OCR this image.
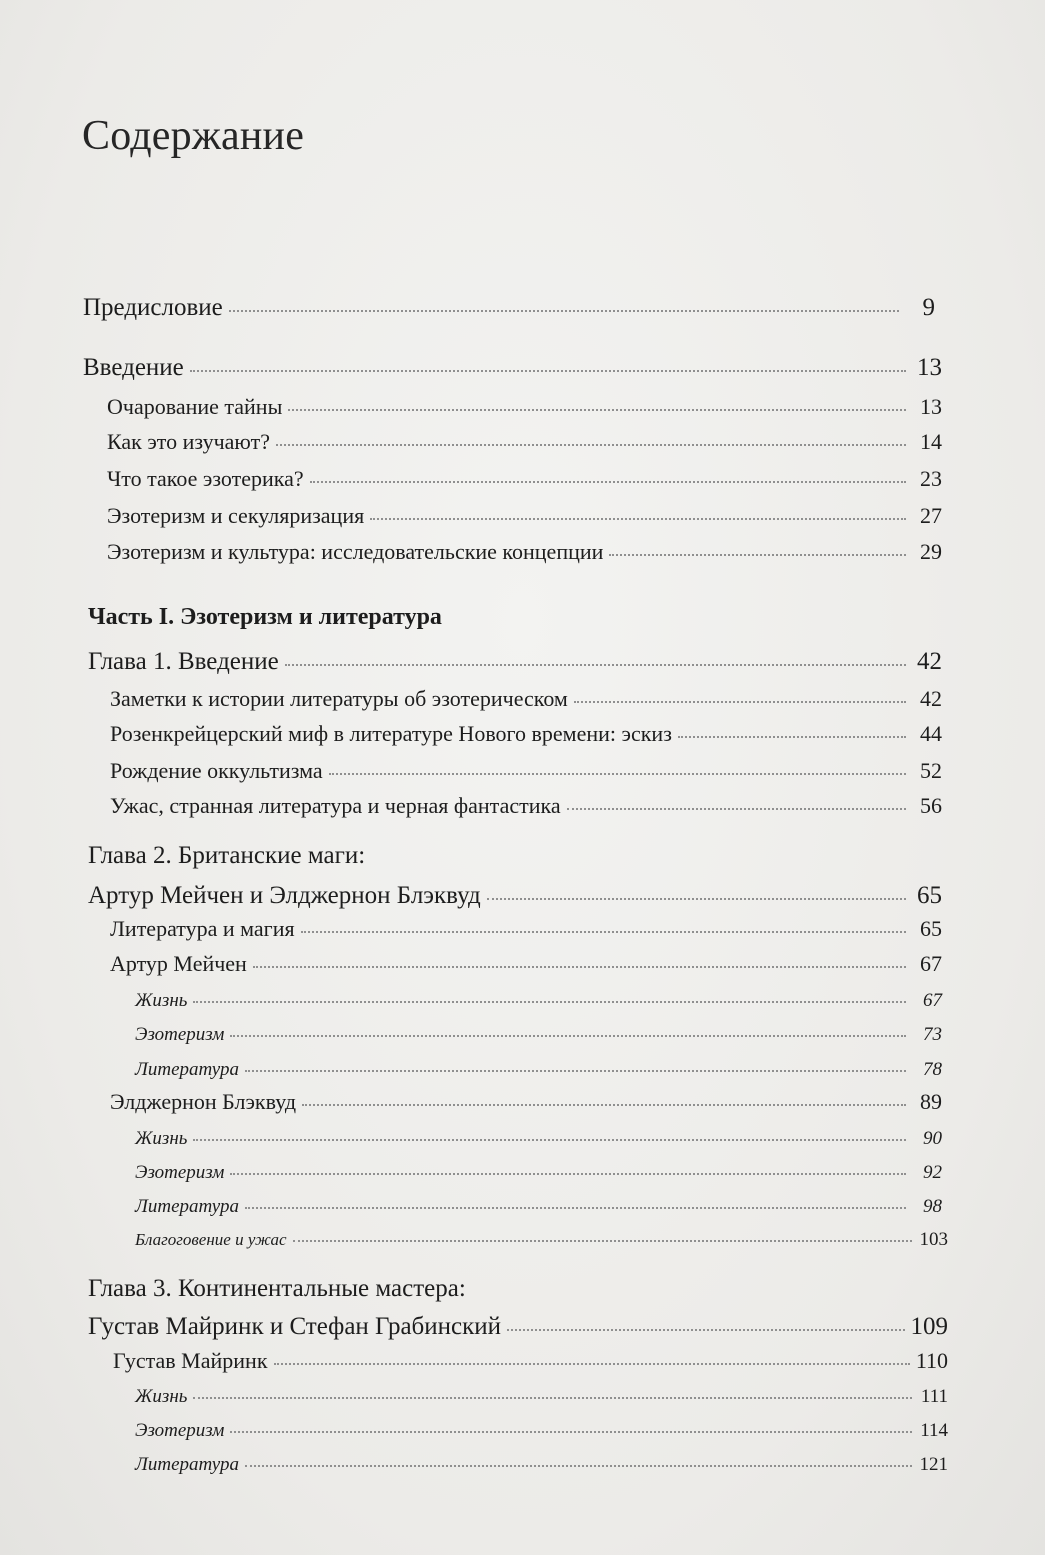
Содержание
Предисловие	9
Введение	13
Очарование тайны	13
Как это изучают?	14
Что такое эзотерика?	23
Эзотеризм и секуляризация	27
Эзотеризм и культура: исследовательские концепции	29
Часть I. Эзотеризм и литература
Глава 1. Введение	42
Заметки к истории литературы об эзотерическом	42
Розенкрейцерский миф в литературе Нового времени: эскиз	44
Рождение оккультизма	52
Ужас, странная литература и черная фантастика	56
Глава 2. Британские маги:
Артур Мейчен и Элджернон Блэквуд	65
Литература и магия	65
Артур Мейчен	67
Жизнь	67
Эзотеризм	73
Литература	78
Элджернон Блэквуд	89
Жизнь	90
Эзотеризм	92
Литература	98
Благоговение и ужас	103
Глава 3. Континентальные мастера:
Густав Майринк и Стефан Грабинский	109
Густав Майринк	110
Жизнь	111
Эзотеризм	114
Литература	121
